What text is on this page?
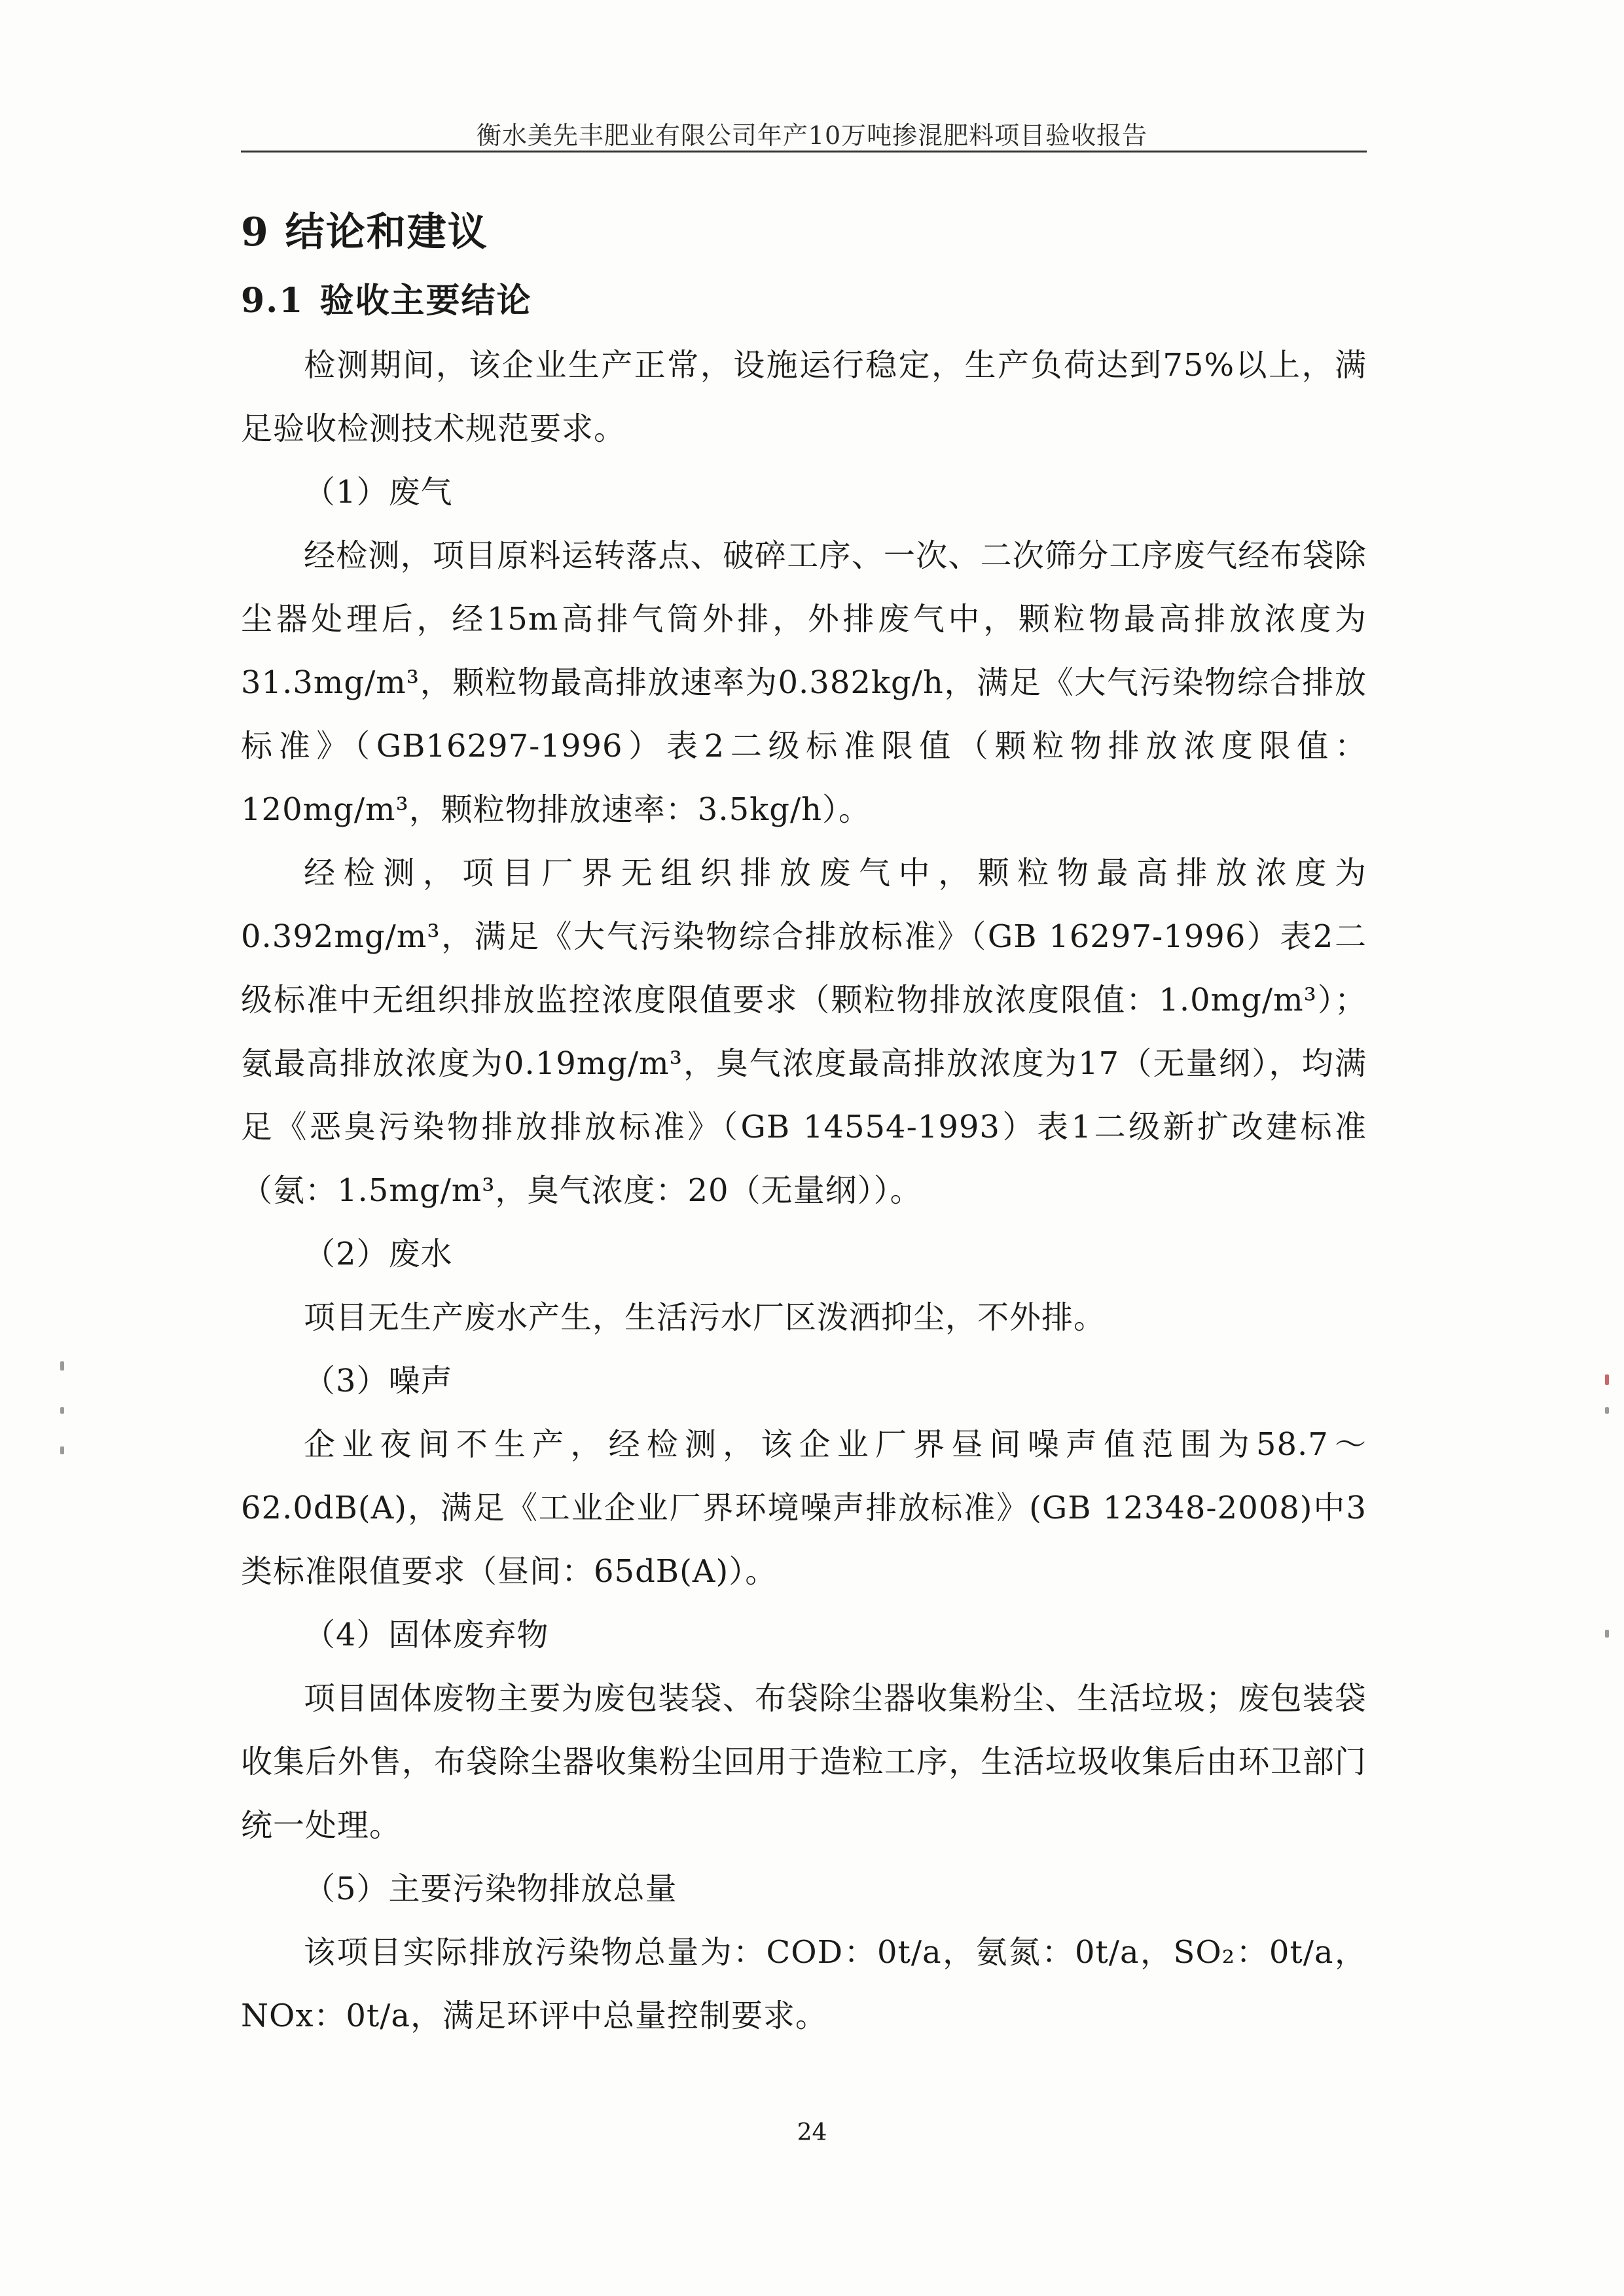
衡水美先丰肥业有限公司年产10万吨掺混肥料项目验收报告
9 结论和建议
9.1 验收主要结论

检测期间，该企业生产正常，设施运行稳定，生产负荷达到75%以上，满足验收检测技术规范要求。

（1）废气

经检测，项目原料运转落点、破碎工序、一次、二次筛分工序废气经布袋除尘器处理后，经15m高排气筒外排，外排废气中，颗粒物最高排放浓度为31.3mg/m³，颗粒物最高排放速率为0.382kg/h，满足《大气污染物综合排放标准》（GB16297-1996）表2二级标准限值（颗粒物排放浓度限值：120mg/m³，颗粒物排放速率：3.5kg/h）。

经检测，项目厂界无组织排放废气中，颗粒物最高排放浓度为0.392mg/m³，满足《大气污染物综合排放标准》（GB 16297-1996）表2二级标准中无组织排放监控浓度限值要求（颗粒物排放浓度限值：1.0mg/m³）；氨最高排放浓度为0.19mg/m³，臭气浓度最高排放浓度为17（无量纲），均满足《恶臭污染物排放排放标准》（GB 14554-1993）表1二级新扩改建标准（氨：1.5mg/m³，臭气浓度：20（无量纲））。

（2）废水

项目无生产废水产生，生活污水厂区泼洒抑尘，不外排。

（3）噪声

企业夜间不生产，经检测，该企业厂界昼间噪声值范围为58.7～62.0dB(A)，满足《工业企业厂界环境噪声排放标准》(GB 12348-2008)中3类标准限值要求（昼间：65dB(A)）。

（4）固体废弃物

项目固体废物主要为废包装袋、布袋除尘器收集粉尘、生活垃圾；废包装袋收集后外售，布袋除尘器收集粉尘回用于造粒工序，生活垃圾收集后由环卫部门统一处理。

（5）主要污染物排放总量

该项目实际排放污染物总量为：COD：0t/a，氨氮：0t/a，SO₂：0t/a，NOx：0t/a，满足环评中总量控制要求。

24
